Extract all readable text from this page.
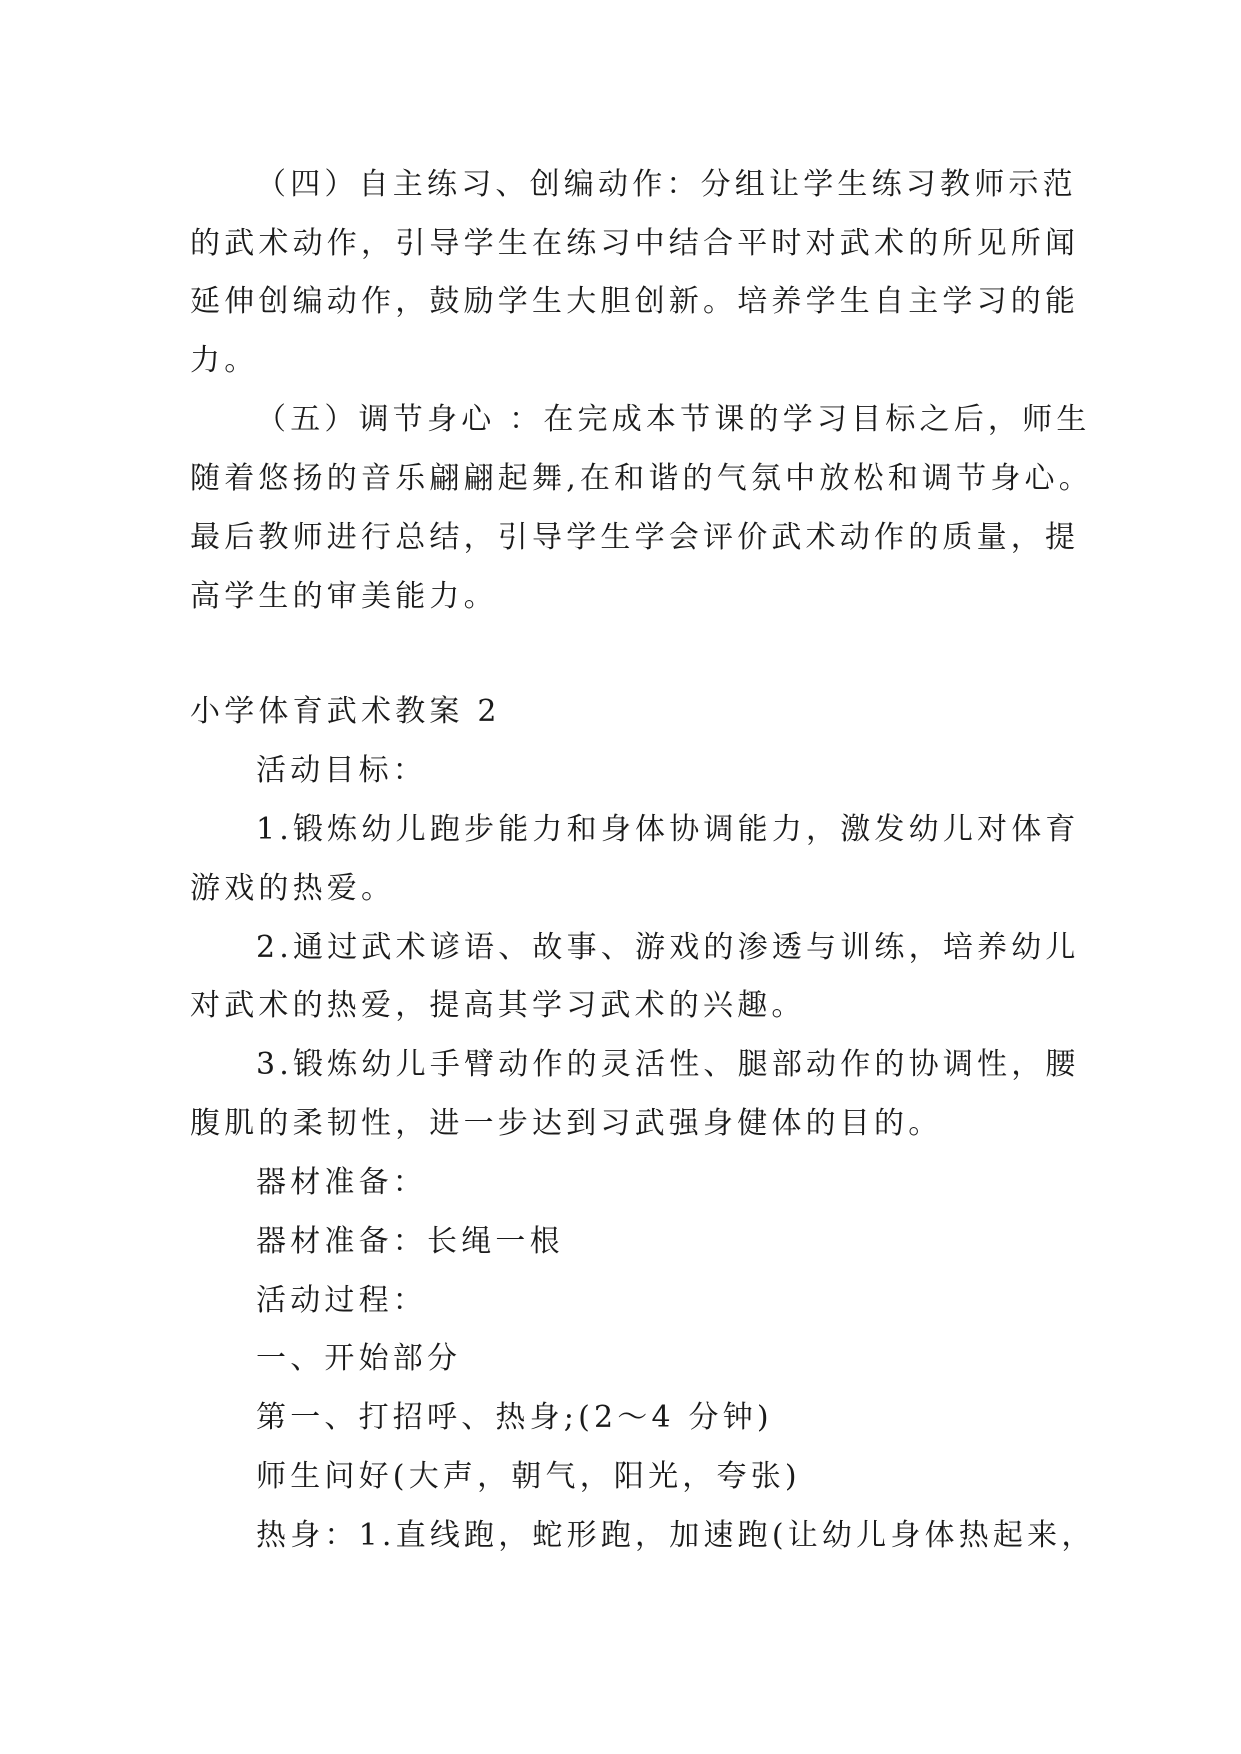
（四）自主练习、创编动作：分组让学生练习教师示范
的武术动作，引导学生在练习中结合平时对武术的所见所闻
延伸创编动作，鼓励学生大胆创新。培养学生自主学习的能
力。
（五）调节身心 ：在完成本节课的学习目标之后，师生
随着悠扬的音乐翩翩起舞,在和谐的气氛中放松和调节身心。
最后教师进行总结，引导学生学会评价武术动作的质量，提
高学生的审美能力。
小学体育武术教案 2
活动目标：
1.锻炼幼儿跑步能力和身体协调能力，激发幼儿对体育
游戏的热爱。
2.通过武术谚语、故事、游戏的渗透与训练，培养幼儿
对武术的热爱，提高其学习武术的兴趣。
3.锻炼幼儿手臂动作的灵活性、腿部动作的协调性，腰
腹肌的柔韧性，进一步达到习武强身健体的目的。
器材准备：
器材准备：长绳一根
活动过程：
一、开始部分
第一、打招呼、热身;(2～4 分钟)
师生问好(大声，朝气，阳光，夸张)
热身：1.直线跑，蛇形跑，加速跑(让幼儿身体热起来，
